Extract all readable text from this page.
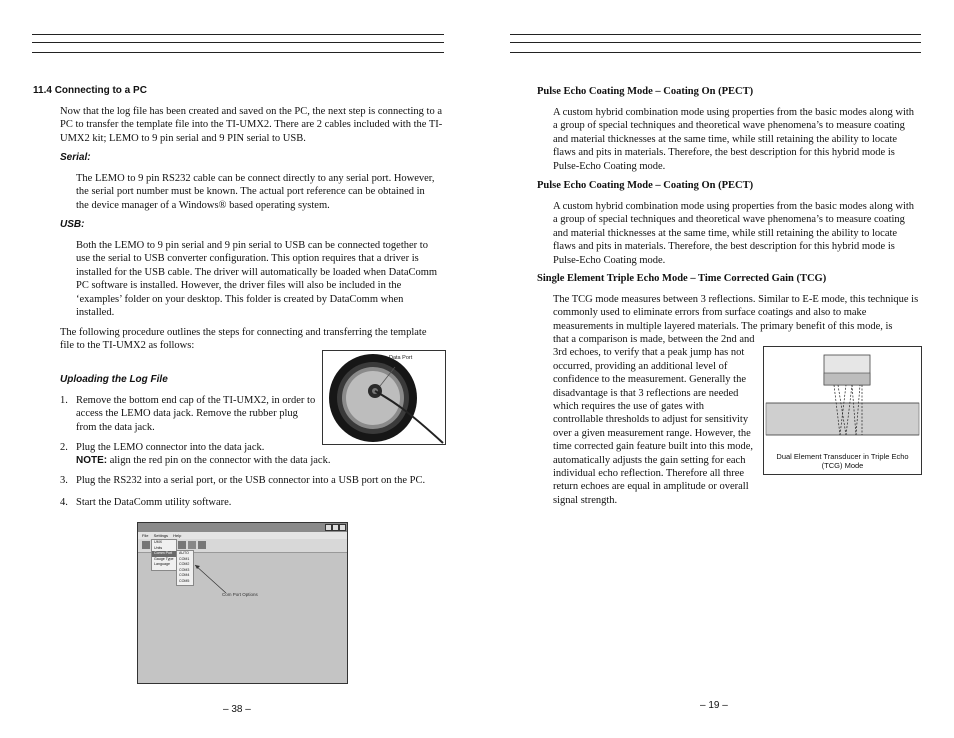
11.4 Connecting to a PC

Now that the log file has been created and saved on the PC, the next step is connecting to a PC to transfer the template file into the TI-UMX2. There are 2 cables included with the TI-UMX2 kit; LEMO to 9 pin serial and 9 PIN serial to USB.

Serial:

The LEMO to 9 pin RS232 cable can be connect directly to any serial port. However, the serial port number must be known. The actual port reference can be obtained in the device manager of a Windows® based operating system.

USB:

Both the LEMO to 9 pin serial and 9 pin serial to USB can be connected together to use the serial to USB converter configuration. This option requires that a driver is installed for the USB cable. The driver will automatically be loaded when DataComm PC software is installed. However, the driver files will also be included in the ‘examples’ folder on your desktop. This folder is created by DataComm when installed.

The following procedure outlines the steps for connecting and transferring the template file to the TI-UMX2 as follows:

Uploading the Log File
1. Remove the bottom end cap of the TI-UMX2, in order to access the LEMO data jack. Remove the rubber plug from the data jack.

2. Plug the LEMO connector into the data jack.
NOTE: align the red pin on the connector with the data jack.

3. Plug the RS232 into a serial port, or the USB connector into a USB port on the PC.

4. Start the DataComm utility software.

Data Port
File Settings Help
UMX
Units
Comm Port
Gauge Type
Language
AUTO
COM1
COM2
COM3
COM4
COM5
Com Port Options
– 38 –
Pulse Echo Coating Mode – Coating On (PECT)

A custom hybrid combination mode using properties from the basic modes along with a group of special techniques and theoretical wave phenomena’s to measure coating and material thicknesses at the same time, while still retaining the ability to locate flaws and pits in materials. Therefore, the best description for this hybrid mode is Pulse-Echo Coating mode.

Pulse Echo Coating Mode – Coating On (PECT)

A custom hybrid combination mode using properties from the basic modes along with a group of special techniques and theoretical wave phenomena’s to measure coating and material thicknesses at the same time, while still retaining the ability to locate flaws and pits in materials. Therefore, the best description for this hybrid mode is Pulse-Echo Coating mode.

Single Element Triple Echo Mode – Time Corrected Gain (TCG)

The TCG mode measures between 3 reflections. Similar to E-E mode, this technique is commonly used to eliminate errors from surface coatings and also to make measurements in multiple layered materials. The primary benefit of this mode, is

that a comparison is made, between the 2nd and 3rd echoes, to verify that a peak jump has not occurred, providing an additional level of confidence to the measurement. Generally the disadvantage is that 3 reflections are needed which requires the use of gates with controllable thresholds to adjust for sensitivity over a given measurement range. However, the time corrected gain feature built into this mode, automatically adjusts the gain setting for each individual echo reflection. Therefore all three return echoes are equal in amplitude or overall signal strength.

Dual Element Transducer in Triple Echo (TCG) Mode
– 19 –
